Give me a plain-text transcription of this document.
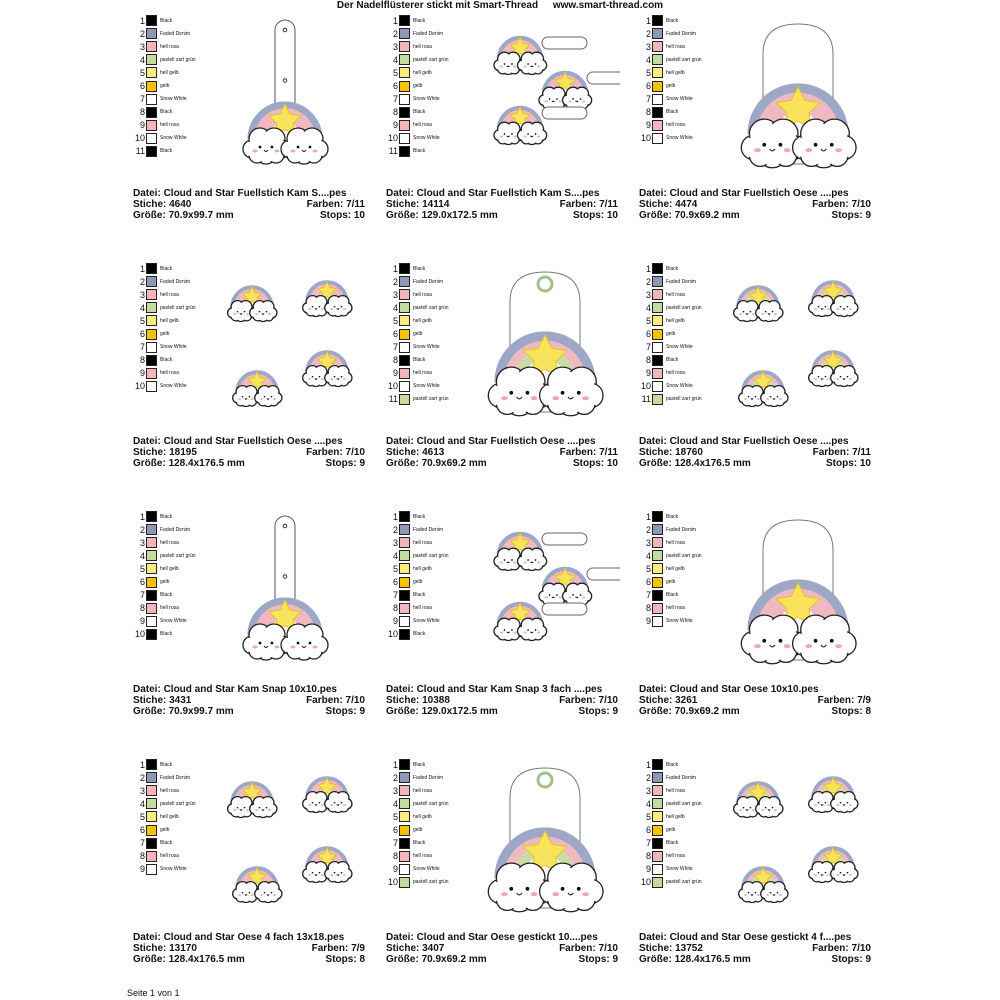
Der Nadelflüsterer stickt mit Smart-Thread www.smart-thread.com
1	Black
2	Faded Denim
3	hell rosa
4	pastell zart grün
5	hell gelb
6	gelb
7	Snow White
8	Black
9	hell rosa
10	Snow White
11	Black
Datei: Cloud and Star Fuellstich Kam S....pes
Stiche: 4640	Farben: 7/11
Größe: 70.9x99.7 mm	Stops: 10
1	Black
2	Faded Denim
3	hell rosa
4	pastell zart grün
5	hell gelb
6	gelb
7	Snow White
8	Black
9	hell rosa
10	Snow White
11	Black
Datei: Cloud and Star Fuellstich Kam S....pes
Stiche: 14114	Farben: 7/11
Größe: 129.0x172.5 mm	Stops: 10
1	Black
2	Faded Denim
3	hell rosa
4	pastell zart grün
5	hell gelb
6	gelb
7	Snow White
8	Black
9	hell rosa
10	Snow White
Datei: Cloud and Star Fuellstich Oese ....pes
Stiche: 4474	Farben: 7/10
Größe: 70.9x69.2 mm	Stops: 9
1	Black
2	Faded Denim
3	hell rosa
4	pastell zart grün
5	hell gelb
6	gelb
7	Snow White
8	Black
9	hell rosa
10	Snow White
Datei: Cloud and Star Fuellstich Oese ....pes
Stiche: 18195	Farben: 7/10
Größe: 128.4x176.5 mm	Stops: 9
1	Black
2	Faded Denim
3	hell rosa
4	pastell zart grün
5	hell gelb
6	gelb
7	Snow White
8	Black
9	hell rosa
10	Snow White
11	pastell zart grün
Datei: Cloud and Star Fuellstich Oese ....pes
Stiche: 4613	Farben: 7/11
Größe: 70.9x69.2 mm	Stops: 10
1	Black
2	Faded Denim
3	hell rosa
4	pastell zart grün
5	hell gelb
6	gelb
7	Snow White
8	Black
9	hell rosa
10	Snow White
11	pastell zart grün
Datei: Cloud and Star Fuellstich Oese ....pes
Stiche: 18760	Farben: 7/11
Größe: 128.4x176.5 mm	Stops: 10
1	Black
2	Faded Denim
3	hell rosa
4	pastell zart grün
5	hell gelb
6	gelb
7	Black
8	hell rosa
9	Snow White
10	Black
Datei: Cloud and Star Kam Snap 10x10.pes
Stiche: 3431	Farben: 7/10
Größe: 70.9x99.7 mm	Stops: 9
1	Black
2	Faded Denim
3	hell rosa
4	pastell zart grün
5	hell gelb
6	gelb
7	Black
8	hell rosa
9	Snow White
10	Black
Datei: Cloud and Star Kam Snap 3 fach ....pes
Stiche: 10388	Farben: 7/10
Größe: 129.0x172.5 mm	Stops: 9
1	Black
2	Faded Denim
3	hell rosa
4	pastell zart grün
5	hell gelb
6	gelb
7	Black
8	hell rosa
9	Snow White
Datei: Cloud and Star Oese 10x10.pes
Stiche: 3261	Farben: 7/9
Größe: 70.9x69.2 mm	Stops: 8
1	Black
2	Faded Denim
3	hell rosa
4	pastell zart grün
5	hell gelb
6	gelb
7	Black
8	hell rosa
9	Snow White
Datei: Cloud and Star Oese 4 fach 13x18.pes
Stiche: 13170	Farben: 7/9
Größe: 128.4x176.5 mm	Stops: 8
1	Black
2	Faded Denim
3	hell rosa
4	pastell zart grün
5	hell gelb
6	gelb
7	Black
8	hell rosa
9	Snow White
10	pastell zart grün
Datei: Cloud and Star Oese gestickt 10....pes
Stiche: 3407	Farben: 7/10
Größe: 70.9x69.2 mm	Stops: 9
1	Black
2	Faded Denim
3	hell rosa
4	pastell zart grün
5	hell gelb
6	gelb
7	Black
8	hell rosa
9	Snow White
10	pastell zart grün
Datei: Cloud and Star Oese gestickt 4 f....pes
Stiche: 13752	Farben: 7/10
Größe: 128.4x176.5 mm	Stops: 9
Seite 1 von 1
